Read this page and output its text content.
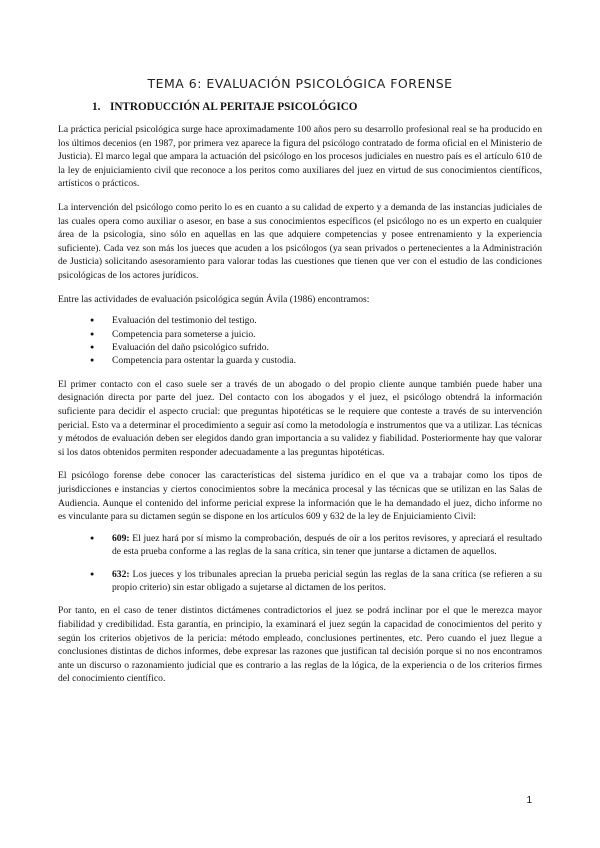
TEMA 6: EVALUACIÓN PSICOLÓGICA FORENSE
1. INTRODUCCIÓN AL PERITAJE PSICOLÓGICO

La práctica pericial psicológica surge hace aproximadamente 100 años pero su desarrollo profesional real se ha producido en los últimos decenios (en 1987, por primera vez aparece la figura del psicólogo contratado de forma oficial en el Ministerio de Justicia). El marco legal que ampara la actuación del psicólogo en los procesos judiciales en nuestro país es el artículo 610 de la ley de enjuiciamiento civil que reconoce a los peritos como auxiliares del juez en virtud de sus conocimientos científicos, artísticos o prácticos.

La intervención del psicólogo como perito lo es en cuanto a su calidad de experto y a demanda de las instancias judiciales de las cuales opera como auxiliar o asesor, en base a sus conocimientos específicos (el psicólogo no es un experto en cualquier área de la psicología, sino sólo en aquellas en las que adquiere competencias y posee entrenamiento y la experiencia suficiente). Cada vez son más los jueces que acuden a los psicólogos (ya sean privados o pertenecientes a la Administración de Justicia) solicitando asesoramiento para valorar todas las cuestiones que tienen que ver con el estudio de las condiciones psicológicas de los actores jurídicos.

Entre las actividades de evaluación psicológica según Ávila (1986) encontramos:

● Evaluación del testimonio del testigo.
● Competencia para someterse a juicio.
● Evaluación del daño psicológico sufrido.
● Competencia para ostentar la guarda y custodia.

El primer contacto con el caso suele ser a través de un abogado o del propio cliente aunque también puede haber una designación directa por parte del juez. Del contacto con los abogados y el juez, el psicólogo obtendrá la información suficiente para decidir el aspecto crucial: que preguntas hipotéticas se le requiere que conteste a través de su intervención pericial. Esto va a determinar el procedimiento a seguir así como la metodología e instrumentos que va a utilizar. Las técnicas y métodos de evaluación deben ser elegidos dando gran importancia a su validez y fiabilidad. Posteriormente hay que valorar si los datos obtenidos permiten responder adecuadamente a las preguntas hipotéticas.

El psicólogo forense debe conocer las características del sistema jurídico en el que va a trabajar como los tipos de jurisdicciones e instancias y ciertos conocimientos sobre la mecánica procesal y las técnicas que se utilizan en las Salas de Audiencia. Aunque el contenido del informe pericial exprese la información que le ha demandado el juez, dicho informe no es vinculante para su dictamen según se dispone en los artículos 609 y 632 de la ley de Enjuiciamiento Civil:

● 609: El juez hará por sí mismo la comprobación, después de oír a los peritos revisores, y apreciará el resultado de esta prueba conforme a las reglas de la sana crítica, sin tener que juntarse a dictamen de aquellos.
● 632: Los jueces y los tribunales aprecian la prueba pericial según las reglas de la sana crítica (se refieren a su propio criterio) sin estar obligado a sujetarse al dictamen de los peritos.

Por tanto, en el caso de tener distintos dictámenes contradictorios el juez se podrá inclinar por el que le merezca mayor fiabilidad y credibilidad. Esta garantía, en principio, la examinará el juez según la capacidad de conocimientos del perito y según los criterios objetivos de la pericia: método empleado, conclusiones pertinentes, etc. Pero cuando el juez llegue a conclusiones distintas de dichos informes, debe expresar las razones que justifican tal decisión porque si no nos encontramos ante un discurso o razonamiento judicial que es contrario a las reglas de la lógica, de la experiencia o de los criterios firmes del conocimiento científico.

1
